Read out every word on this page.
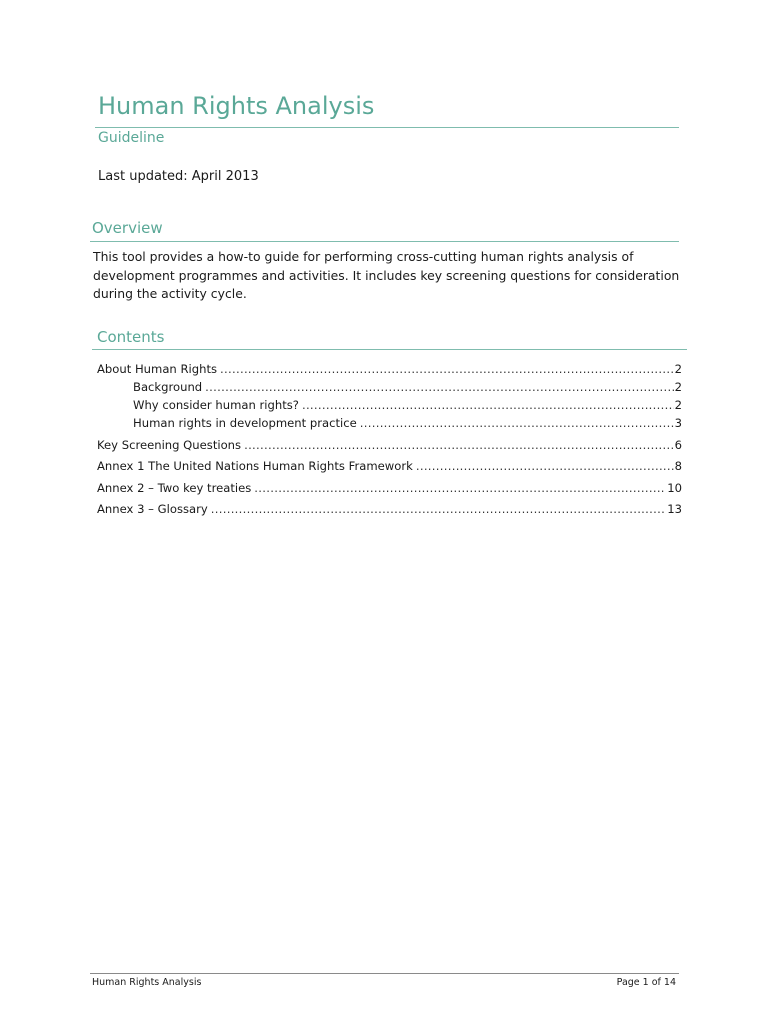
Human Rights Analysis
Guideline
Last updated: April 2013
Overview

This tool provides a how-to guide for performing cross-cutting human rights analysis of development programmes and activities. It includes key screening questions for consideration during the activity cycle.

Contents
About Human Rights .....	2
Background .....	2
Why consider human rights? .....	2
Human rights in development practice .....	3
Key Screening Questions .....	6
Annex 1 The United Nations Human Rights Framework .....	8
Annex 2 – Two key treaties .....	10
Annex 3 – Glossary .....	13
Human Rights Analysis	Page 1 of 14
